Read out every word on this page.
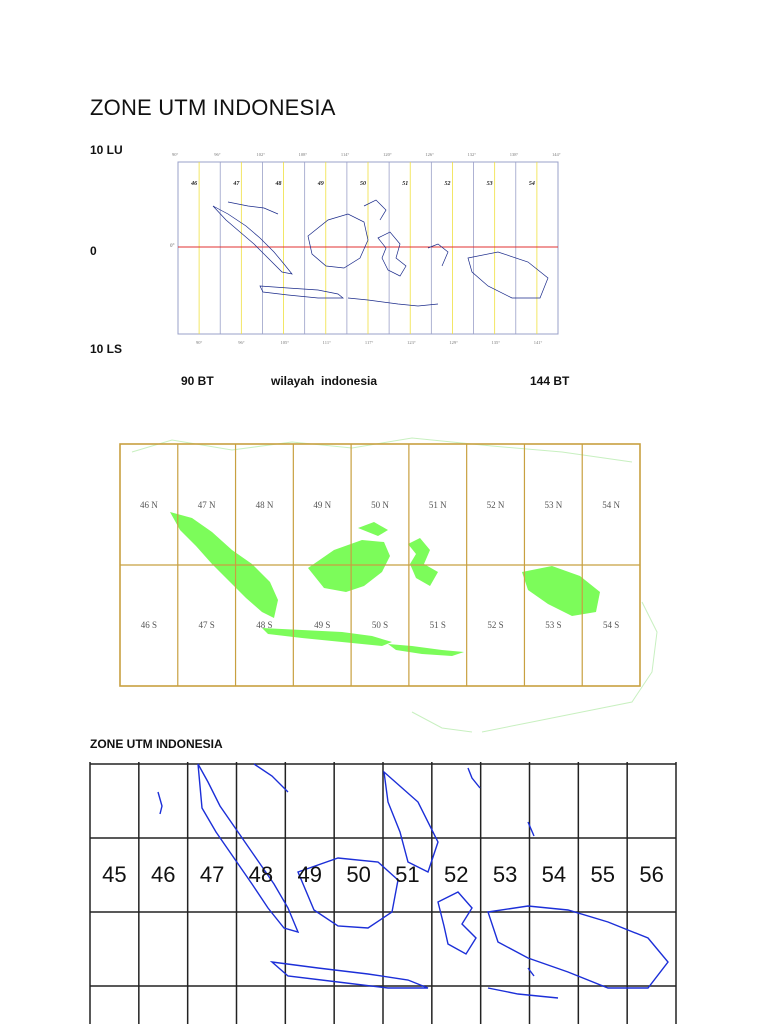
ZONE UTM INDONESIA
10 LU
0
10 LS
90°	96°	102°	108°	114°	120°	126°	132°	138°	144°
0°
46	47	48	49	50	51	52	53	54
90°	96°	105°	111°	117°	123°	129°	135°	141°
90 BT	wilayah  indonesia	144 BT
46 N	47 N	48 N	49 N	50 N	51 N	52 N	53 N	54 N
46 S	47 S	48 S	49 S	50 S	51 S	52 S	53 S	54 S
ZONE UTM INDONESIA
45 46 47 48 49 50 51 52 53 54 55 56
